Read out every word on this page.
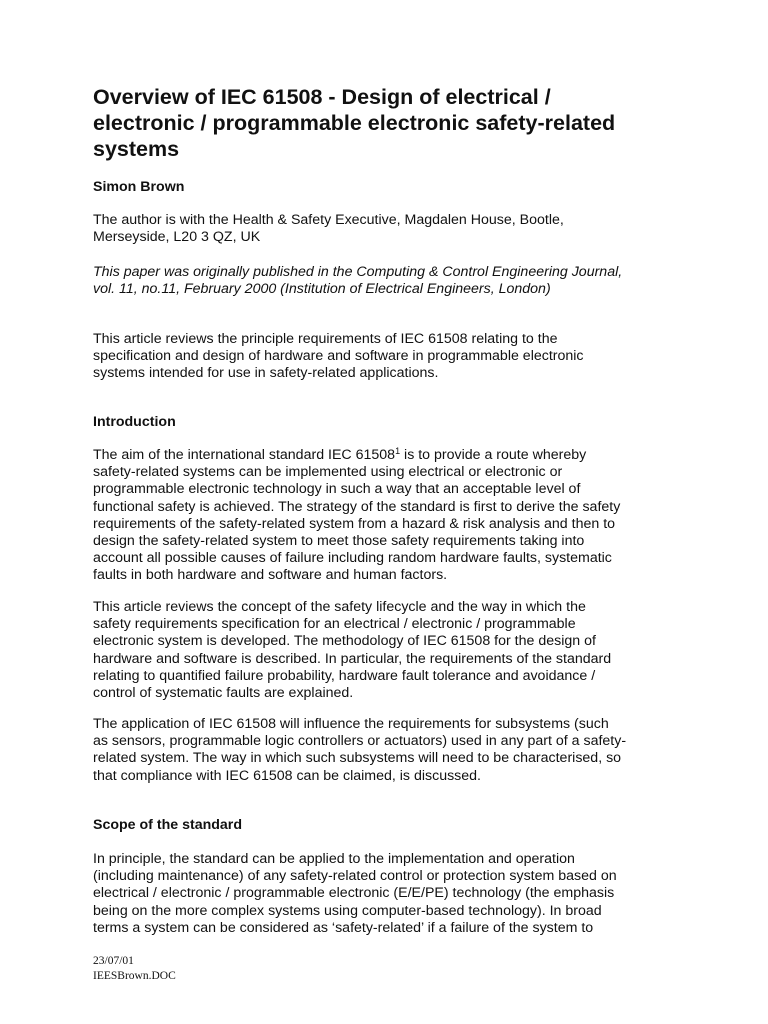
Overview of IEC 61508 - Design of electrical /
electronic / programmable electronic safety-related
systems

Simon Brown

The author is with the Health & Safety Executive, Magdalen House, Bootle,
Merseyside, L20 3 QZ, UK

This paper was originally published in the Computing & Control Engineering Journal,
vol. 11, no.11, February 2000 (Institution of Electrical Engineers, London)

This article reviews the principle requirements of IEC 61508 relating to the
specification and design of hardware and software in programmable electronic
systems intended for use in safety-related applications.

Introduction

The aim of the international standard IEC 61508$^1$ is to provide a route whereby
safety-related systems can be implemented using electrical or electronic or
programmable electronic technology in such a way that an acceptable level of
functional safety is achieved. The strategy of the standard is first to derive the safety
requirements of the safety-related system from a hazard & risk analysis and then to
design the safety-related system to meet those safety requirements taking into
account all possible causes of failure including random hardware faults, systematic
faults in both hardware and software and human factors.

This article reviews the concept of the safety lifecycle and the way in which the
safety requirements specification for an electrical / electronic / programmable
electronic system is developed. The methodology of IEC 61508 for the design of
hardware and software is described. In particular, the requirements of the standard
relating to quantified failure probability, hardware fault tolerance and avoidance /
control of systematic faults are explained.

The application of IEC 61508 will influence the requirements for subsystems (such
as sensors, programmable logic controllers or actuators) used in any part of a safety-
related system. The way in which such subsystems will need to be characterised, so
that compliance with IEC 61508 can be claimed, is discussed.

Scope of the standard

In principle, the standard can be applied to the implementation and operation
(including maintenance) of any safety-related control or protection system based on
electrical / electronic / programmable electronic (E/E/PE) technology (the emphasis
being on the more complex systems using computer-based technology). In broad
terms a system can be considered as ‘safety-related’ if a failure of the system to

23/07/01
IEESBrown.DOC
